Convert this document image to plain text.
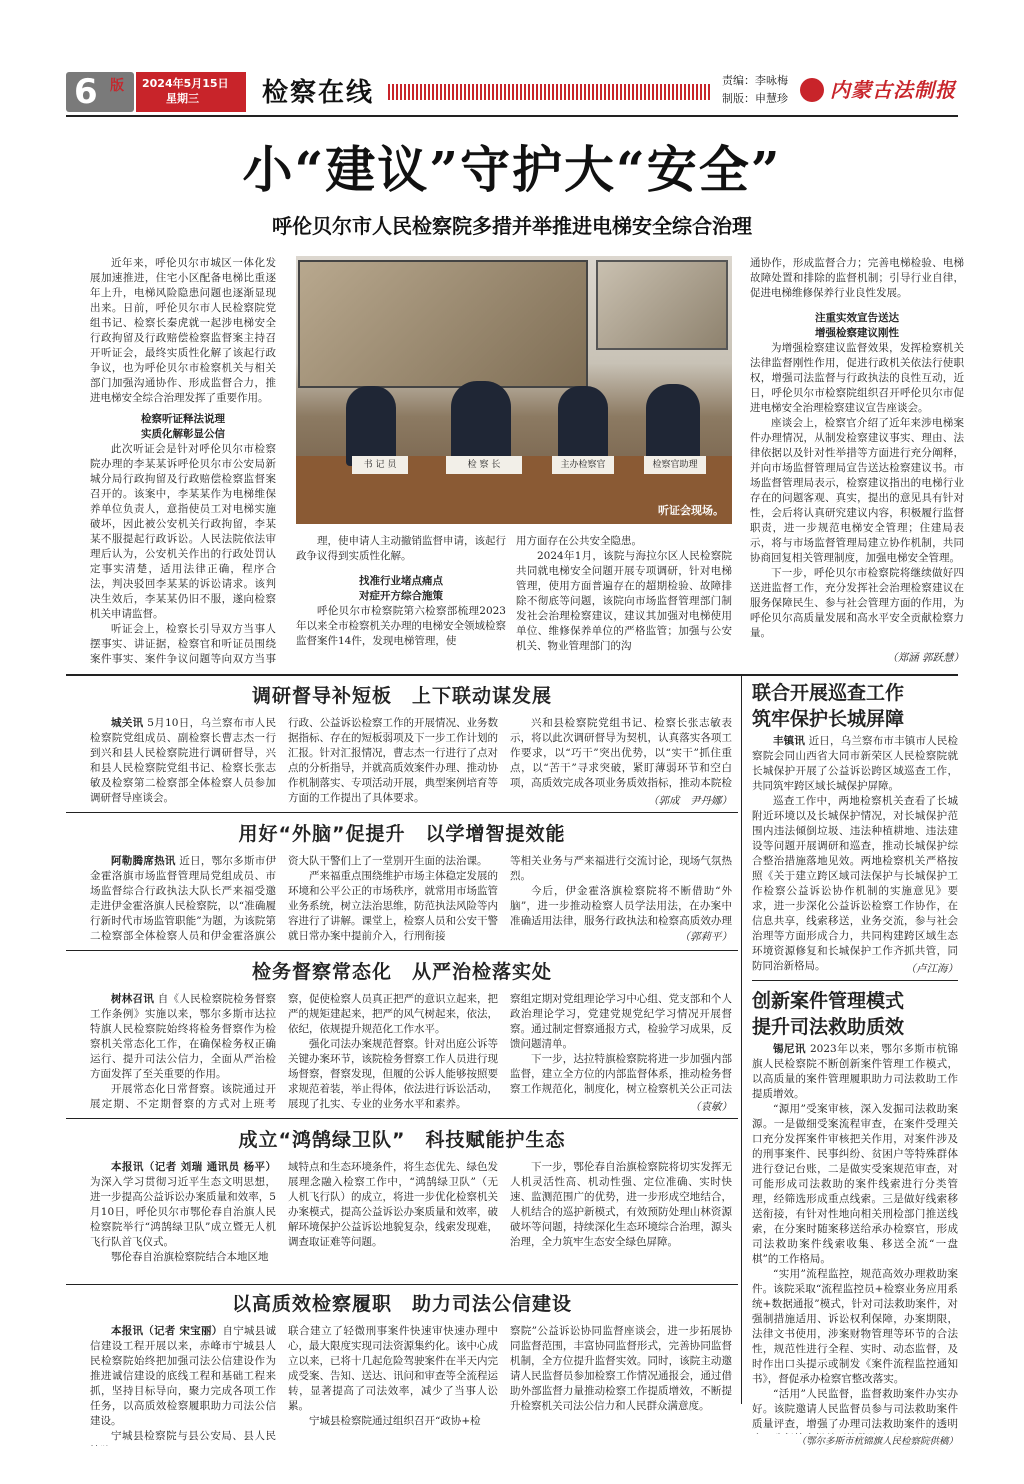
6 版 2024年5月15日
星期三	检察在线	责编：李咏梅
制版：申慧珍 内蒙古法制报
小“建议”守护大“安全”
呼伦贝尔市人民检察院多措并举推进电梯安全综合治理

近年来，呼伦贝尔市城区一体化发展加速推进，住宅小区配备电梯比重逐年上升，电梯风险隐患问题也逐渐显现出来。日前，呼伦贝尔市人民检察院党组书记、检察长秦虎就一起涉电梯安全行政拘留及行政赔偿检察监督案主持召开听证会，最终实质性化解了该起行政争议，也为呼伦贝尔市检察机关与相关部门加强沟通协作、形成监督合力，推进电梯安全综合治理发挥了重要作用。

检察听证释法说理
实质化解彰显公信

此次听证会是针对呼伦贝尔市检察院办理的李某某诉呼伦贝尔市公安局新城分局行政拘留及行政赔偿检察监督案召开的。该案中，李某某作为电梯维保养单位负责人，意指使员工对电梯实施破坏，因此被公安机关行政拘留，李某某不服提起行政诉讼。人民法院依法审理后认为，公安机关作出的行政处罚认定事实清楚，适用法律正确，程序合法，判决驳回李某某的诉讼请求。该判决生效后，李某某仍旧不服，遂向检察机关申请监督。

听证会上，检察长引导双方当事人摆事实、讲证据，检察官和听证员围绕案件事实、案件争议问题等向双方当事

书 记 员	检 察 长	主办检察官	检察官助理
听证会现场。

理，使申请人主动撤销监督申请，该起行政争议得到实质性化解。

找准行业堵点痛点
对症开方综合施策

呼伦贝尔市检察院第六检察部梳理2023年以来全市检察机关办理的电梯安全领域检察监督案件14件，发现电梯管理，使

用方面存在公共安全隐患。

2024年1月，该院与海拉尔区人民检察院共同就电梯安全问题开展专项调研，针对电梯管理，使用方面普遍存在的超期检验、故障排除不彻底等问题，该院向市场监督管理部门制发社会治理检察建议，建议其加强对电梯使用单位、维修保养单位的严格监管；加强与公安机关、物业管理部门的沟

通协作，形成监督合力；完善电梯检验、电梯故障处置和排除的监督机制；引导行业自律，促进电梯维修保养行业良性发展。

注重实效宣告送达
增强检察建议刚性

为增强检察建议监督效果，发挥检察机关法律监督刚性作用，促进行政机关依法行使职权，增强司法监督与行政执法的良性互动，近日，呼伦贝尔市检察院组织召开呼伦贝尔市促进电梯安全治理检察建议宣告座谈会。

座谈会上，检察官介绍了近年来涉电梯案件办理情况，从制发检察建议事实、理由、法律依据以及针对性举措等方面进行充分阐释，并向市场监督管理局宣告送达检察建议书。市场监督管理局表示，检察建议指出的电梯行业存在的问题客观、真实，提出的意见具有针对性，会后将认真研究建议内容，积极履行监督职责，进一步规范电梯安全管理；住建局表示，将与市场监督管理局建立协作机制，共同协商回复相关管理制度，加强电梯安全管理。

下一步，呼伦贝尔市检察院将继续做好四送进监督工作，充分发挥社会治理检察建议在服务保障民生、参与社会管理方面的作用，为呼伦贝尔高质量发展和高水平安全贡献检察力量。

（郑涵 郭跃慧）
调研督导补短板　上下联动谋发展

城关讯 5月10日，乌兰察布市人民检察院党组成员、副检察长曹志杰一行到兴和县人民检察院进行调研督导，兴和县人民检察院党组书记、检察长张志敏及检察第二检察部全体检察人员参加调研督导座谈会。

行政、公益诉讼检察工作的开展情况、业务数据指标、存在的短板弱项及下一步工作计划的汇报。针对汇报情况，曹志杰一行进行了点对点的分析指导，并就高质效案件办理、推动协作机制落实、专项活动开展，典型案例培育等方面的工作提出了具体要求。

兴和县检察院党组书记、检察长张志敏表示，将以此次调研督导为契机，认真落实各项工作要求，以“巧干”突出优势，以“实干”抓住重点，以“苦干”寻求突破，紧盯薄弱环节和空白项，高质效完成各项业务质效指标，推动本院检

（郭成　尹丹娜）
用好“外脑”促提升　以学增智提效能

阿勒腾席热讯 近日，鄂尔多斯市伊金霍洛旗市场监督管理局党组成员、市场监督综合行政执法大队长严来福受邀走进伊金霍洛旗人民检察院，以“准确履行新时代市场监管职能”为题，为该院第二检察部全体检察人员和伊金霍洛旗公

资大队干警们上了一堂别开生面的法治课。

严来福重点围绕维护市场主体稳定发展的环境和公平公正的市场秩序，就常用市场监管业务系统，树立法治思维，防范执法风险等内容进行了讲解。课堂上，检察人员和公安干警就日常办案中提前介入，行刑衔接

等相关业务与严来福进行交流讨论，现场气氛热烈。

今后，伊金霍洛旗检察院将不断借助“外脑”，进一步推动检察人员学法用法，在办案中准确适用法律，服务行政执法和检察高质效办理

（郭莉平）
检务督察常态化　从严治检落实处

树林召讯 自《人民检察院检务督察工作条例》实施以来，鄂尔多斯市达拉特旗人民检察院始终将检务督察作为检察机关常态化工作，在确保检务权正确运行、提升司法公信力，全面从严治检方面发挥了至关重要的作用。

开展常态化日常督察。该院通过开展定期、不定期督察的方式对上班考

察，促使检察人员真正把严的意识立起来，把严的规矩建起来，把严的风气树起来，依法，依纪，依规提升规范化工作水平。

强化司法办案规范督察。针对出庭公诉等关键办案环节，该院检务督察工作人员进行现场督察，督察发现，但履的公诉人能够按照要求规范着装，举止得体，依法进行诉讼活动，展现了扎实、专业的业务水平和素养。

察组定期对党组理论学习中心组、党支部和个人政治理论学习，党建党规党纪学习情况开展督察。通过制定督察通报方式，检验学习成果，反馈问题清单。

下一步，达拉特旗检察院将进一步加强内部监督，建立全方位的内部监督体系，推动检务督察工作规范化，制度化，树立检察机关公正司法

（袁敏）
成立“鸿鹄绿卫队”　科技赋能护生态

本报讯（记者 刘瑞 通讯员 杨平）为深入学习贯彻习近平生态文明思想，进一步提高公益诉讼办案质量和效率，5月10日，呼伦贝尔市鄂伦春自治旗人民检察院举行“鸿鹄绿卫队”成立暨无人机飞行队首飞仪式。

鄂伦春自治旗检察院结合本地区地

域特点和生态环境条件，将生态优先、绿色发展理念融入检察工作中，“鸿鹄绿卫队”（无人机飞行队）的成立，将进一步优化检察机关办案模式，提高公益诉讼办案质量和效率，破解环境保护公益诉讼地貌复杂，线索发现难，调查取证难等问题。

下一步，鄂伦春自治旗检察院将切实发挥无人机灵活性高、机动性强、定位准确、实时快速、监测范围广的优势，进一步形成空地结合，人机结合的巡护新模式，有效预防处理山林资源破坏等问题，持续深化生态环境综合治理，源头治理，全力筑牢生态安全绿色屏障。

以高质效检察履职　助力司法公信建设

本报讯（记者 宋宝丽）自宁城县诚信建设工程开展以来，赤峰市宁城县人民检察院始终把加强司法公信建设作为推进诚信建设的底线工程和基础工程来抓，坚持目标导向，聚力完成各项工作任务，以高质效检察履职助力司法公信建设。

宁城县检察院与县公安局、县人民

联合建立了轻微刑事案件快速审快速办理中心，最大限度实现司法资源集约化。该中心成立以来，已将十几起危险驾驶案件在半天内完成受案、告知、送达、讯问和审查等全流程运转，显著提高了司法效率，减少了当事人讼累。

宁城县检察院通过组织召开“政协+检

察院”公益诉讼协同监督座谈会，进一步拓展协同监督范围，丰富协同监督形式，完善协同监督机制，全方位提升监督实效。同时，该院主动邀请人民监督员参加检察工作情况通报会，通过借助外部监督力量推动检察工作提质增效，不断提升检察机关司法公信力和人民群众满意度。

联合开展巡查工作
筑牢保护长城屏障

丰镇讯 近日，乌兰察布市丰镇市人民检察院会同山西省大同市新荣区人民检察院就长城保护开展了公益诉讼跨区域巡查工作，共同筑牢跨区域长城保护屏障。

巡查工作中，两地检察机关查看了长城附近环境以及长城保护情况，对长城保护范围内违法倾倒垃圾、违法种植耕地、违法建设等问题开展调研和巡查，推动长城保护综合整治措施落地见效。两地检察机关严格按照《关于建立跨区域司法保护与长城保护工作检察公益诉讼协作机制的实施意见》要求，进一步深化公益诉讼检察工作协作，在信息共享，线索移送，业务交流，参与社会治理等方面形成合力，共同构建跨区域生态环境资源修复和长城保护工作齐抓共管，同防同治新格局。	（卢江海）
创新案件管理模式
提升司法救助质效

锡尼讯 2023年以来，鄂尔多斯市杭锦旗人民检察院不断创新案件管理工作模式，以高质量的案件管理履职助力司法救助工作提质增效。

“源用”受案审核，深入发掘司法救助案源。一是做细受案流程审查，在案件受理关口充分发挥案件审核把关作用，对案件涉及的刑事案件、民事纠纷、贫困户等特殊群体进行登记台账，二是做实受案规范审查，对可能形成司法救助的案件线索进行分类管理，经筛选形成重点线索。三是做好线索移送衔接，有针对性地向相关刑检部门推送线索，在分案时随案移送给承办检察官，形成司法救助案件线索收集、移送全流“一盘棋”的工作格局。

“实用”流程监控，规范高效办理救助案件。该院采取“流程监控员+检察业务应用系统+数据通报”模式，针对司法救助案件，对强制措施适用、诉讼权利保障，办案期限，法律文书使用，涉案财物管理等环节的合法性，规范性进行全程、实时、动态监督，及时作出口头提示或制发《案件流程监控通知书》，督促承办检察官整改落实。

“活用”人民监督，监督救助案件办实办好。该院邀请人民监督员参与司法救助案件质量评查，增强了办理司法救助案件的透明

（鄂尔多斯市杭锦旗人民检察院供稿）
